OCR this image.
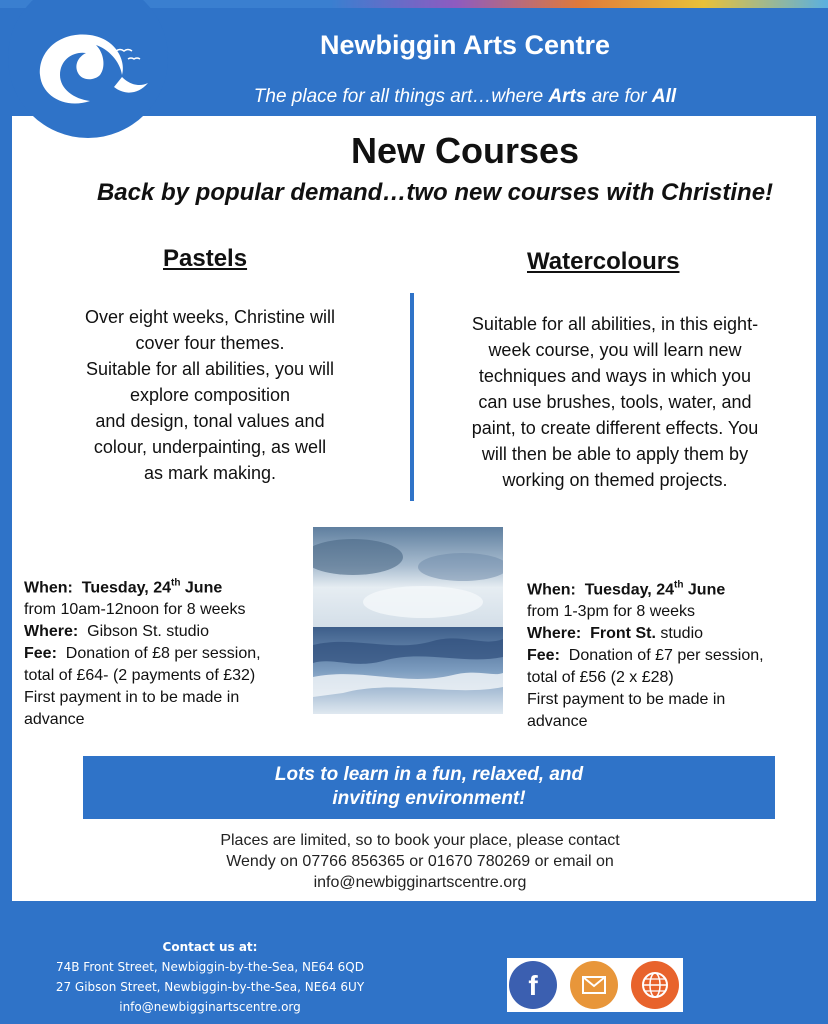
Newbiggin Arts Centre
The place for all things art…where Arts are for All
New Courses
Back by popular demand…two new courses with Christine!
Pastels
Over eight weeks, Christine will
cover four themes.
Suitable for all abilities, you will
explore composition
and design, tonal values and
colour, underpainting, as well
as mark making.
Watercolours
Suitable for all abilities, in this eight-
week course, you will learn new
techniques and ways in which you
can use brushes, tools, water, and
paint, to create different effects. You
will then be able to apply them by
working on themed projects.
When: Tuesday, 24th June
from 10am-12noon for 8 weeks
Where: Gibson St. studio
Fee: Donation of £8 per session,
total of £64- (2 payments of £32)
First payment in to be made in
advance
When: Tuesday, 24th June
from 1-3pm for 8 weeks
Where: Front St. studio
Fee: Donation of £7 per session,
total of £56 (2 x £28)
First payment to be made in
advance
Lots to learn in a fun, relaxed, and
inviting environment!
Places are limited, so to book your place, please contact
Wendy on 07766 856365 or 01670 780269 or email on
info@newbigginartscentre.org
Contact us at:
74B Front Street, Newbiggin-by-the-Sea, NE64 6QD
27 Gibson Street, Newbiggin-by-the-Sea, NE64 6UY
info@newbigginartscentre.org
f
